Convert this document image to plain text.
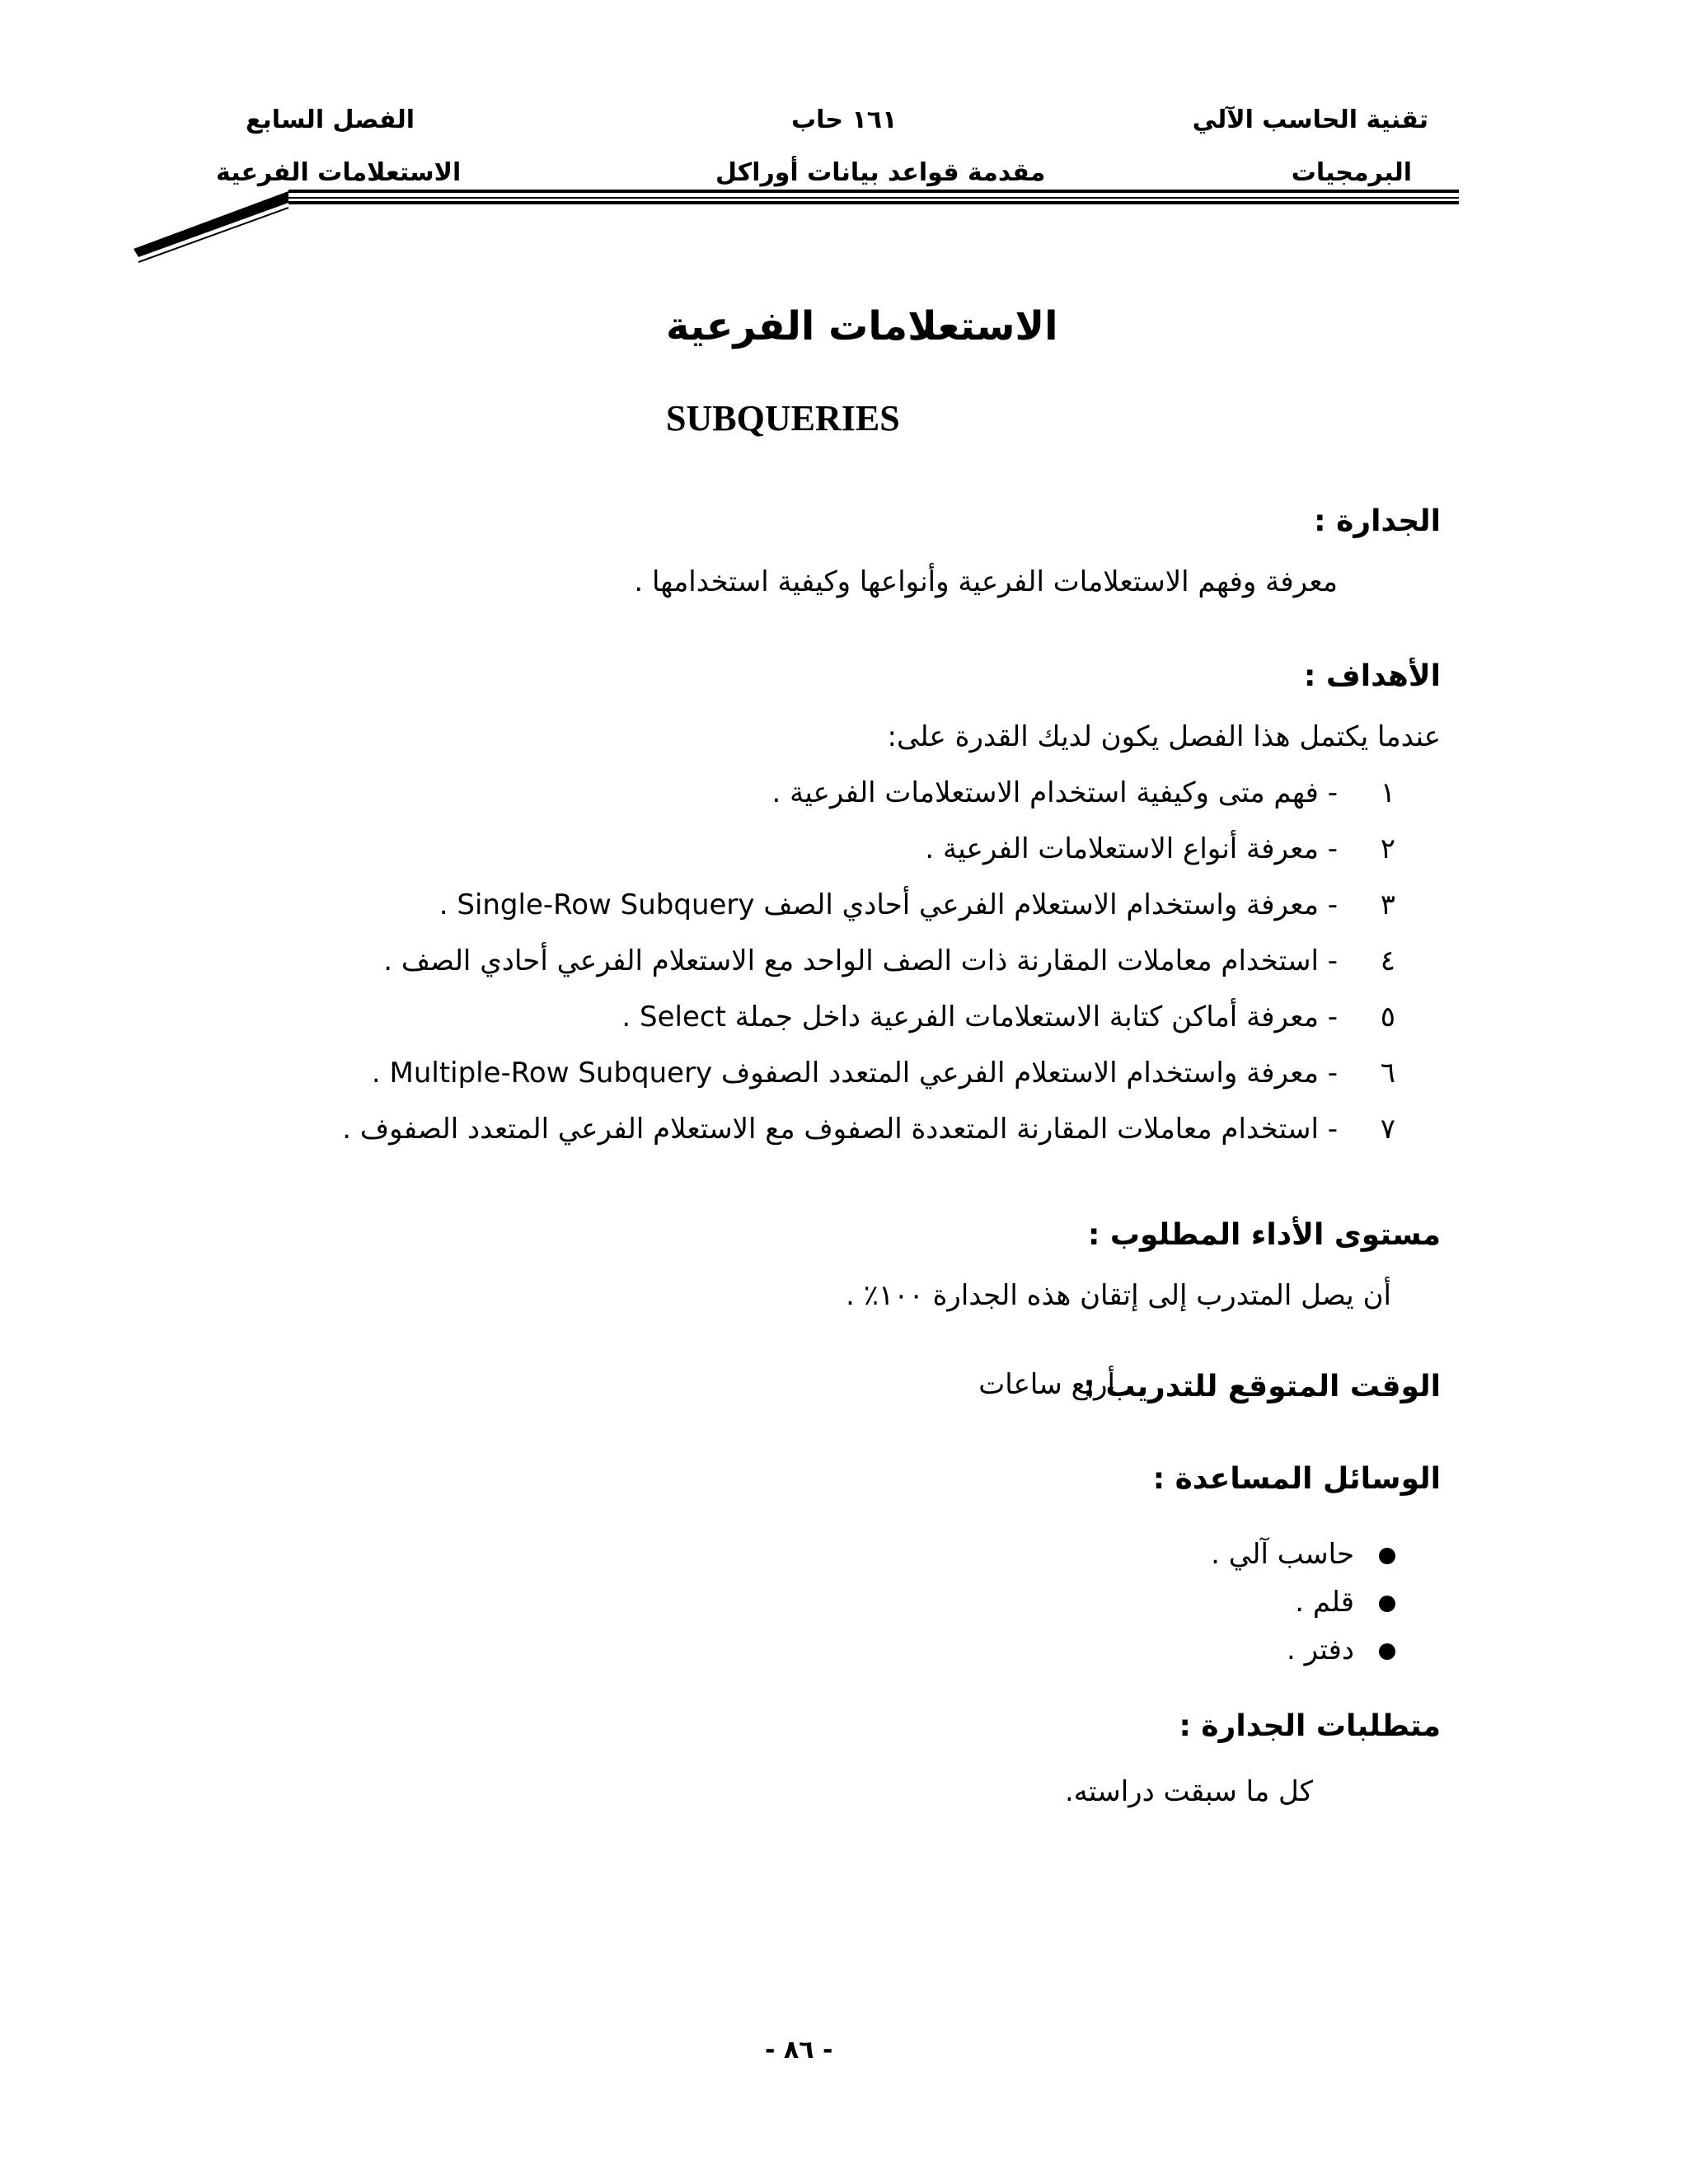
تقنية الحاسب الآلي
البرمجيات
١٦١ حاب
مقدمة قواعد بيانات أوراكل
الفصل السابع
الاستعلامات الفرعية
الاستعلامات الفرعية
SUBQUERIES
الجدارة :
معرفة وفهم الاستعلامات الفرعية وأنواعها وكيفية استخدامها .
الأهداف :
عندما يكتمل هذا الفصل يكون لديك القدرة على:
١- فهم متى وكيفية استخدام الاستعلامات الفرعية .
٢- معرفة أنواع الاستعلامات الفرعية .
٣- معرفة واستخدام الاستعلام الفرعي أحادي الصف Single-Row Subquery .
٤- استخدام معاملات المقارنة ذات الصف الواحد مع الاستعلام الفرعي أحادي الصف .
٥- معرفة أماكن كتابة الاستعلامات الفرعية داخل جملة Select .
٦- معرفة واستخدام الاستعلام الفرعي المتعدد الصفوف Multiple-Row Subquery .
٧- استخدام معاملات المقارنة المتعددة الصفوف مع الاستعلام الفرعي المتعدد الصفوف .
مستوى الأداء المطلوب :
أن يصل المتدرب إلى إتقان هذه الجدارة ١٠٠٪ .
الوقت المتوقع للتدريب :
أربع ساعات
الوسائل المساعدة :
حاسب آلي .
قلم .
دفتر .
متطلبات الجدارة :
كل ما سبقت دراسته.
- ٨٦ -
